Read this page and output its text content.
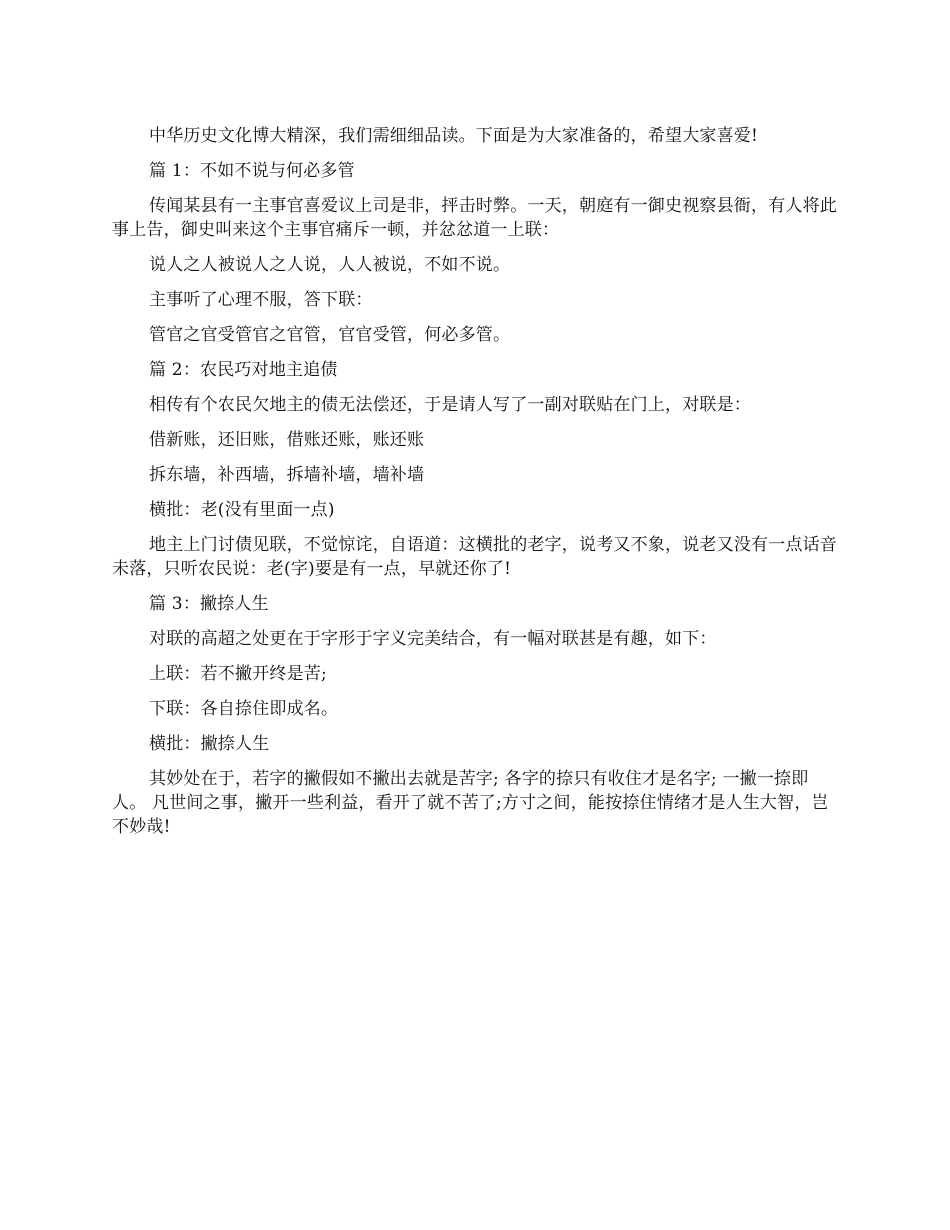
中华历史文化博大精深，我们需细细品读。下面是为大家准备的，希望大家喜爱!

篇 1：不如不说与何必多管

传闻某县有一主事官喜爱议上司是非，抨击时弊。一天，朝庭有一御史视察县衙，有人将此事上告，御史叫来这个主事官痛斥一顿，并忿忿道一上联：

说人之人被说人之人说，人人被说，不如不说。

主事听了心理不服，答下联：

管官之官受管官之官管，官官受管，何必多管。

篇 2：农民巧对地主追债

相传有个农民欠地主的债无法偿还，于是请人写了一副对联贴在门上，对联是：

借新账，还旧账，借账还账，账还账

拆东墙，补西墙，拆墙补墙，墙补墙

横批：老(没有里面一点)

地主上门讨债见联，不觉惊诧，自语道：这横批的老字，说考又不象，说老又没有一点话音未落，只听农民说：老(字)要是有一点，早就还你了!

篇 3：撇捺人生

对联的高超之处更在于字形于字义完美结合，有一幅对联甚是有趣，如下：

上联：若不撇开终是苦;

下联：各自捺住即成名。

横批：撇捺人生

其妙处在于，若字的撇假如不撇出去就是苦字; 各字的捺只有收住才是名字; 一撇一捺即人。 凡世间之事，撇开一些利益，看开了就不苦了;方寸之间，能按捺住情绪才是人生大智，岂不妙哉!
